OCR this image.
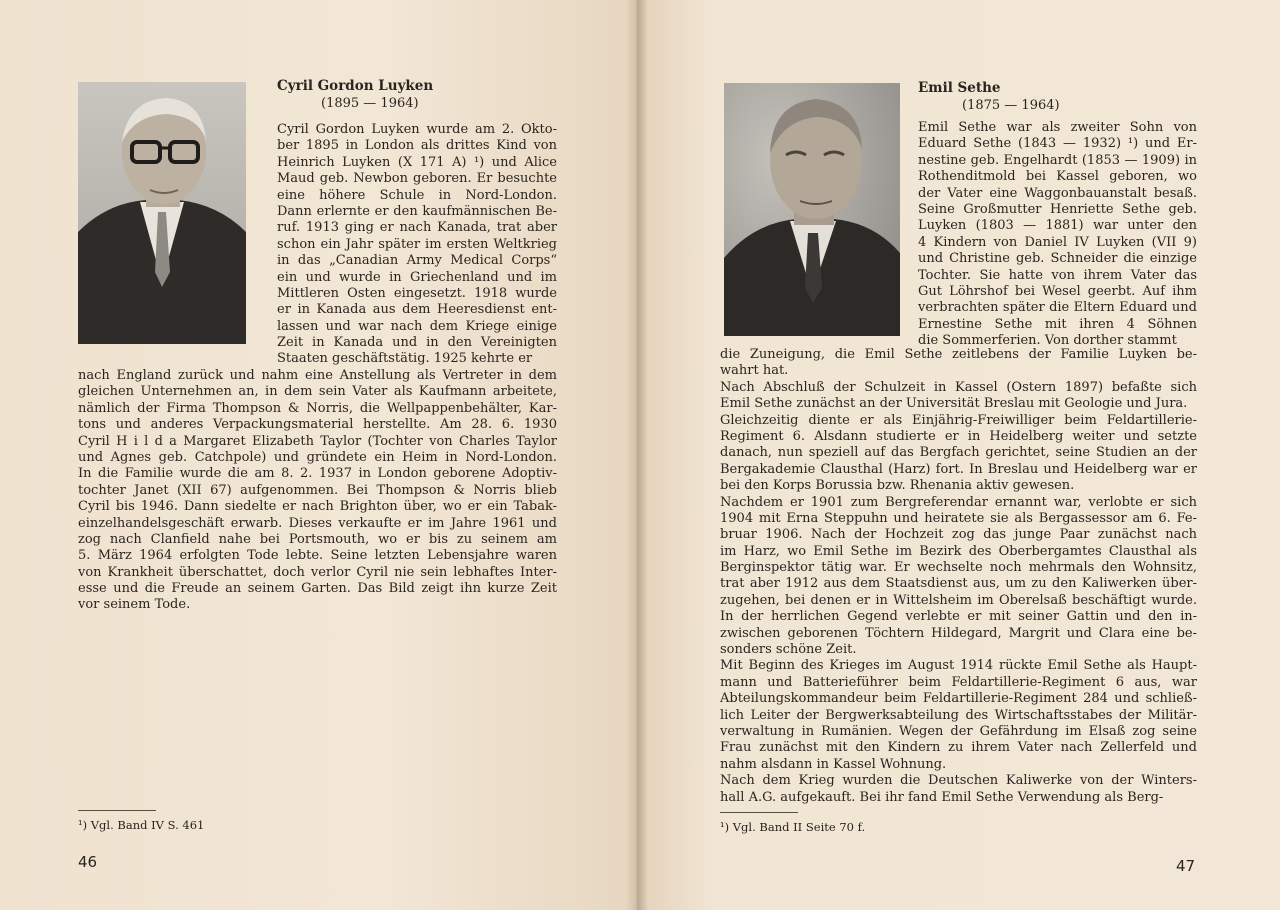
Cyril Gordon Luyken
(1895 — 1964)
Cyril Gordon Luyken wurde am 2. Okto-
ber 1895 in London als drittes Kind von
Heinrich Luyken (X 171 A) ¹) und Alice
Maud geb. Newbon geboren. Er besuchte
eine höhere Schule in Nord-London.
Dann erlernte er den kaufmännischen Be-
ruf. 1913 ging er nach Kanada, trat aber
schon ein Jahr später im ersten Weltkrieg
in das „Canadian Army Medical Corps“
ein und wurde in Griechenland und im
Mittleren Osten eingesetzt. 1918 wurde
er in Kanada aus dem Heeresdienst ent-
lassen und war nach dem Kriege einige
Zeit in Kanada und in den Vereinigten
Staaten geschäftstätig. 1925 kehrte er
nach England zurück und nahm eine Anstellung als Vertreter in dem
gleichen Unternehmen an, in dem sein Vater als Kaufmann arbeitete,
nämlich der Firma Thompson & Norris, die Wellpappenbehälter, Kar-
tons und anderes Verpackungsmaterial herstellte. Am 28. 6. 1930
Cyril H i l d a Margaret Elizabeth Taylor (Tochter von Charles Taylor
und Agnes geb. Catchpole) und gründete ein Heim in Nord-London.
In die Familie wurde die am 8. 2. 1937 in London geborene Adoptiv-
tochter Janet (XII 67) aufgenommen. Bei Thompson & Norris blieb
Cyril bis 1946. Dann siedelte er nach Brighton über, wo er ein Tabak-
einzelhandelsgeschäft erwarb. Dieses verkaufte er im Jahre 1961 und
zog nach Clanfield nahe bei Portsmouth, wo er bis zu seinem am
5. März 1964 erfolgten Tode lebte. Seine letzten Lebensjahre waren
von Krankheit überschattet, doch verlor Cyril nie sein lebhaftes Inter-
esse und die Freude an seinem Garten. Das Bild zeigt ihn kurze Zeit
vor seinem Tode.
¹) Vgl. Band IV S. 461
46
Emil Sethe
(1875 — 1964)
Emil Sethe war als zweiter Sohn von
Eduard Sethe (1843 — 1932) ¹) und Er-
nestine geb. Engelhardt (1853 — 1909) in
Rothenditmold bei Kassel geboren, wo
der Vater eine Waggonbauanstalt besaß.
Seine Großmutter Henriette Sethe geb.
Luyken (1803 — 1881) war unter den
4 Kindern von Daniel IV Luyken (VII 9)
und Christine geb. Schneider die einzige
Tochter. Sie hatte von ihrem Vater das
Gut Löhrshof bei Wesel geerbt. Auf ihm
verbrachten später die Eltern Eduard und
Ernestine Sethe mit ihren 4 Söhnen
die Sommerferien. Von dorther stammt
die Zuneigung, die Emil Sethe zeitlebens der Familie Luyken be-
wahrt hat.
Nach Abschluß der Schulzeit in Kassel (Ostern 1897) befaßte sich
Emil Sethe zunächst an der Universität Breslau mit Geologie und Jura.
Gleichzeitig diente er als Einjährig-Freiwilliger beim Feldartillerie-
Regiment 6. Alsdann studierte er in Heidelberg weiter und setzte
danach, nun speziell auf das Bergfach gerichtet, seine Studien an der
Bergakademie Clausthal (Harz) fort. In Breslau und Heidelberg war er
bei den Korps Borussia bzw. Rhenania aktiv gewesen.
Nachdem er 1901 zum Bergreferendar ernannt war, verlobte er sich
1904 mit Erna Steppuhn und heiratete sie als Bergassessor am 6. Fe-
bruar 1906. Nach der Hochzeit zog das junge Paar zunächst nach
im Harz, wo Emil Sethe im Bezirk des Oberbergamtes Clausthal als
Berginspektor tätig war. Er wechselte noch mehrmals den Wohnsitz,
trat aber 1912 aus dem Staatsdienst aus, um zu den Kaliwerken über-
zugehen, bei denen er in Wittelsheim im Oberelsaß beschäftigt wurde.
In der herrlichen Gegend verlebte er mit seiner Gattin und den in-
zwischen geborenen Töchtern Hildegard, Margrit und Clara eine be-
sonders schöne Zeit.
Mit Beginn des Krieges im August 1914 rückte Emil Sethe als Haupt-
mann und Batterieführer beim Feldartillerie-Regiment 6 aus, war
Abteilungskommandeur beim Feldartillerie-Regiment 284 und schließ-
lich Leiter der Bergwerksabteilung des Wirtschaftsstabes der Militär-
verwaltung in Rumänien. Wegen der Gefährdung im Elsaß zog seine
Frau zunächst mit den Kindern zu ihrem Vater nach Zellerfeld und
nahm alsdann in Kassel Wohnung.
Nach dem Krieg wurden die Deutschen Kaliwerke von der Winters-
hall A.G. aufgekauft. Bei ihr fand Emil Sethe Verwendung als Berg-
¹) Vgl. Band II Seite 70 f.
47
